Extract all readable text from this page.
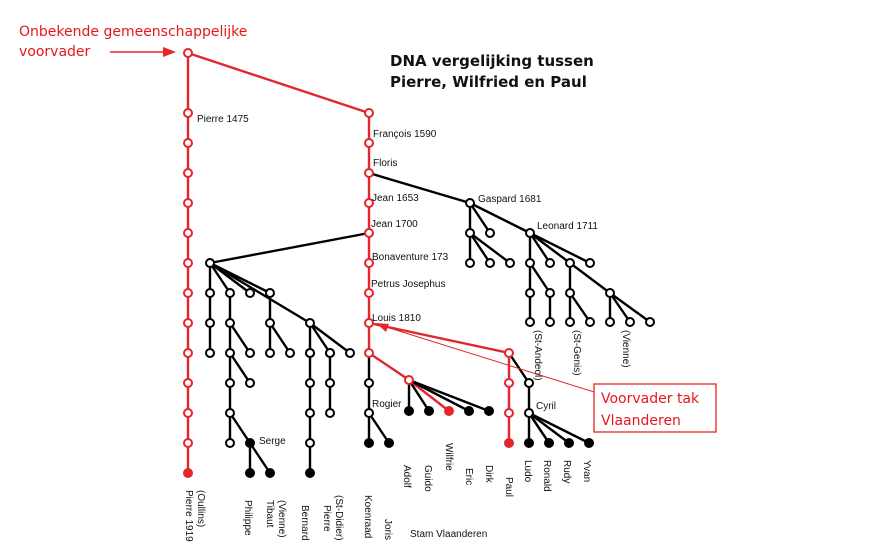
Onbekende gemeenschappelijke
voorvader	DNA vergelijking tussen
Pierre, Wilfried en Paul
Voorvader tak
Vlaanderen
Pierre 1475
François 1590
Floris
Jean 1653	Gaspard 1681
Jean 1700	Leonard 1711
Bonaventure 173
Petrus Josephus
Louis 1810
Rogier	Cyril
Serge
Pierre 1919 (Oullins)	Philippe Tibaut (Vienne) Bernard Pierre (St-Didier) Koenraad Joris
Adolf Guido
Wilfrie
Eric Dirk
Paul
Ludo Ronald Rudy Yvan
(St-Andeol)	(St-Genis)	(Vienne)
Stam Vlaanderen
